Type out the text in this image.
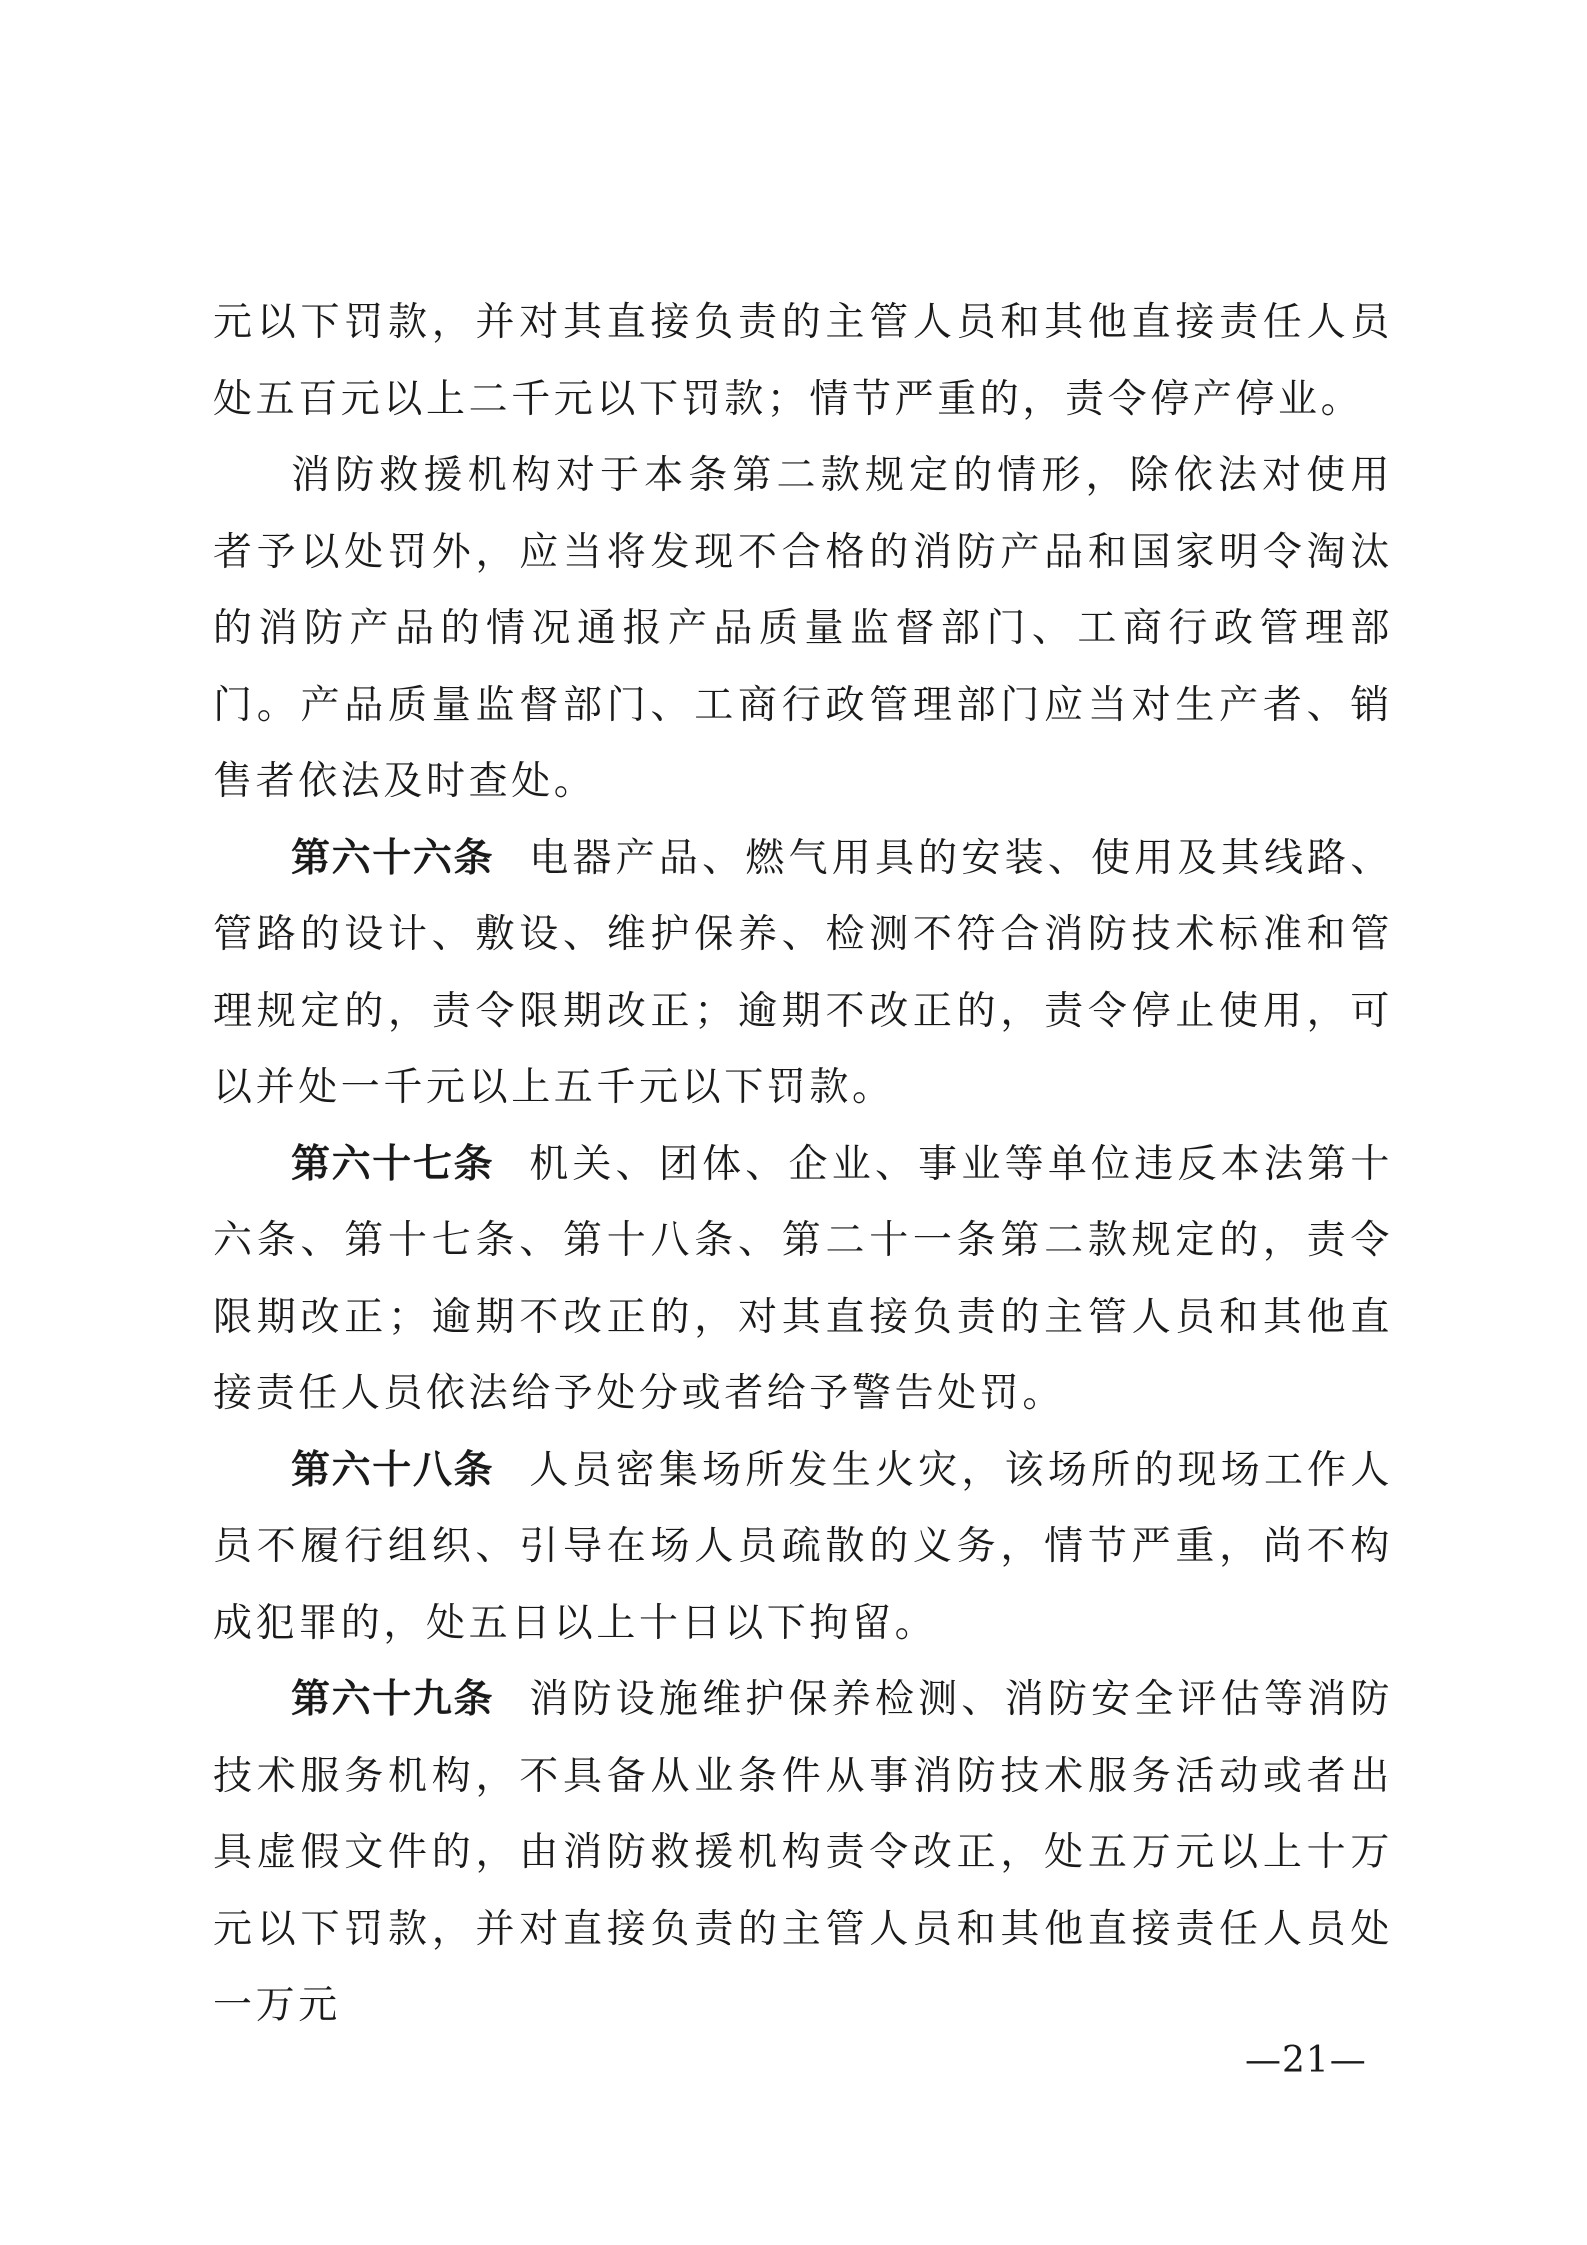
元以下罚款，并对其直接负责的主管人员和其他直接责任人员处五百元以上二千元以下罚款；情节严重的，责令停产停业。

消防救援机构对于本条第二款规定的情形，除依法对使用者予以处罚外，应当将发现不合格的消防产品和国家明令淘汰的消防产品的情况通报产品质量监督部门、工商行政管理部门。产品质量监督部门、工商行政管理部门应当对生产者、销售者依法及时查处。

第六十六条 电器产品、燃气用具的安装、使用及其线路、管路的设计、敷设、维护保养、检测不符合消防技术标准和管理规定的，责令限期改正；逾期不改正的，责令停止使用，可以并处一千元以上五千元以下罚款。

第六十七条 机关、团体、企业、事业等单位违反本法第十六条、第十七条、第十八条、第二十一条第二款规定的，责令限期改正；逾期不改正的，对其直接负责的主管人员和其他直接责任人员依法给予处分或者给予警告处罚。

第六十八条 人员密集场所发生火灾，该场所的现场工作人员不履行组织、引导在场人员疏散的义务，情节严重，尚不构成犯罪的，处五日以上十日以下拘留。

第六十九条 消防设施维护保养检测、消防安全评估等消防技术服务机构，不具备从业条件从事消防技术服务活动或者出具虚假文件的，由消防救援机构责令改正，处五万元以上十万元以下罚款，并对直接负责的主管人员和其他直接责任人员处一万元

—21—
